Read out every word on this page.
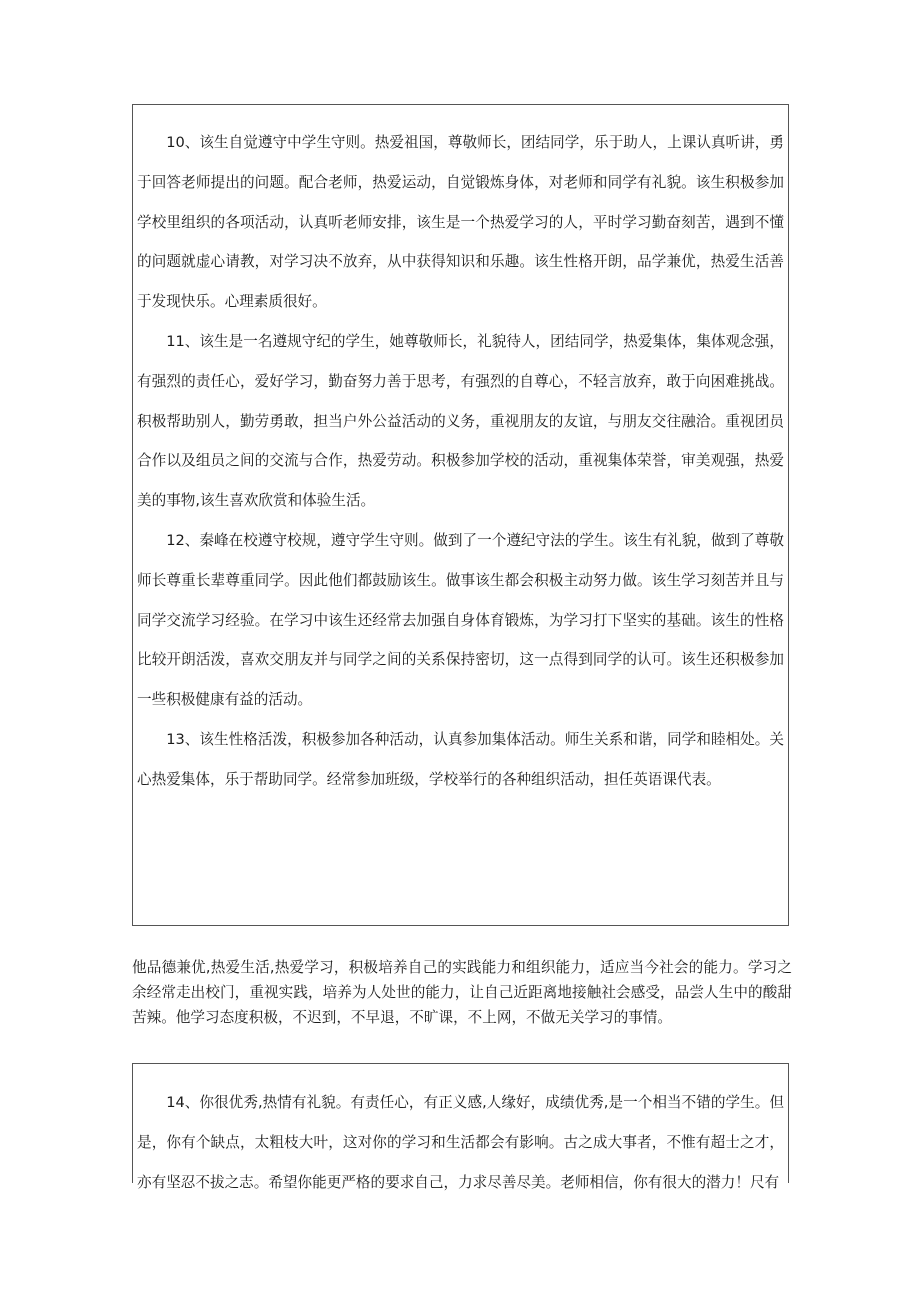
10、该生自觉遵守中学生守则。热爱祖国，尊敬师长，团结同学，乐于助人，上课认真听讲，勇于回答老师提出的问题。配合老师，热爱运动，自觉锻炼身体，对老师和同学有礼貌。该生积极参加学校里组织的各项活动，认真听老师安排，该生是一个热爱学习的人，平时学习勤奋刻苦，遇到不懂的问题就虚心请教，对学习决不放弃，从中获得知识和乐趣。该生性格开朗，品学兼优，热爱生活善于发现快乐。心理素质很好。

11、该生是一名遵规守纪的学生，她尊敬师长，礼貌待人，团结同学，热爱集体，集体观念强，有强烈的责任心，爱好学习，勤奋努力善于思考，有强烈的自尊心，不轻言放弃，敢于向困难挑战。积极帮助别人，勤劳勇敢，担当户外公益活动的义务，重视朋友的友谊，与朋友交往融洽。重视团员合作以及组员之间的交流与合作，热爱劳动。积极参加学校的活动，重视集体荣誉，审美观强，热爱美的事物,该生喜欢欣赏和体验生活。

12、秦峰在校遵守校规，遵守学生守则。做到了一个遵纪守法的学生。该生有礼貌，做到了尊敬师长尊重长辈尊重同学。因此他们都鼓励该生。做事该生都会积极主动努力做。该生学习刻苦并且与同学交流学习经验。在学习中该生还经常去加强自身体育锻炼，为学习打下坚实的基础。该生的性格比较开朗活泼，喜欢交朋友并与同学之间的关系保持密切，这一点得到同学的认可。该生还积极参加一些积极健康有益的活动。

13、该生性格活泼，积极参加各种活动，认真参加集体活动。师生关系和谐，同学和睦相处。关心热爱集体，乐于帮助同学。经常参加班级，学校举行的各种组织活动，担任英语课代表。

他品德兼优,热爱生活,热爱学习，积极培养自己的实践能力和组织能力，适应当今社会的能力。学习之余经常走出校门，重视实践，培养为人处世的能力，让自己近距离地接触社会感受，品尝人生中的酸甜苦辣。他学习态度积极，不迟到，不早退，不旷课，不上网，不做无关学习的事情。

14、你很优秀,热情有礼貌。有责任心，有正义感,人缘好，成绩优秀,是一个相当不错的学生。但是，你有个缺点，太粗枝大叶，这对你的学习和生活都会有影响。古之成大事者，不惟有超士之才，亦有坚忍不拔之志。希望你能更严格的要求自己，力求尽善尽美。老师相信，你有很大的潜力！尺有
